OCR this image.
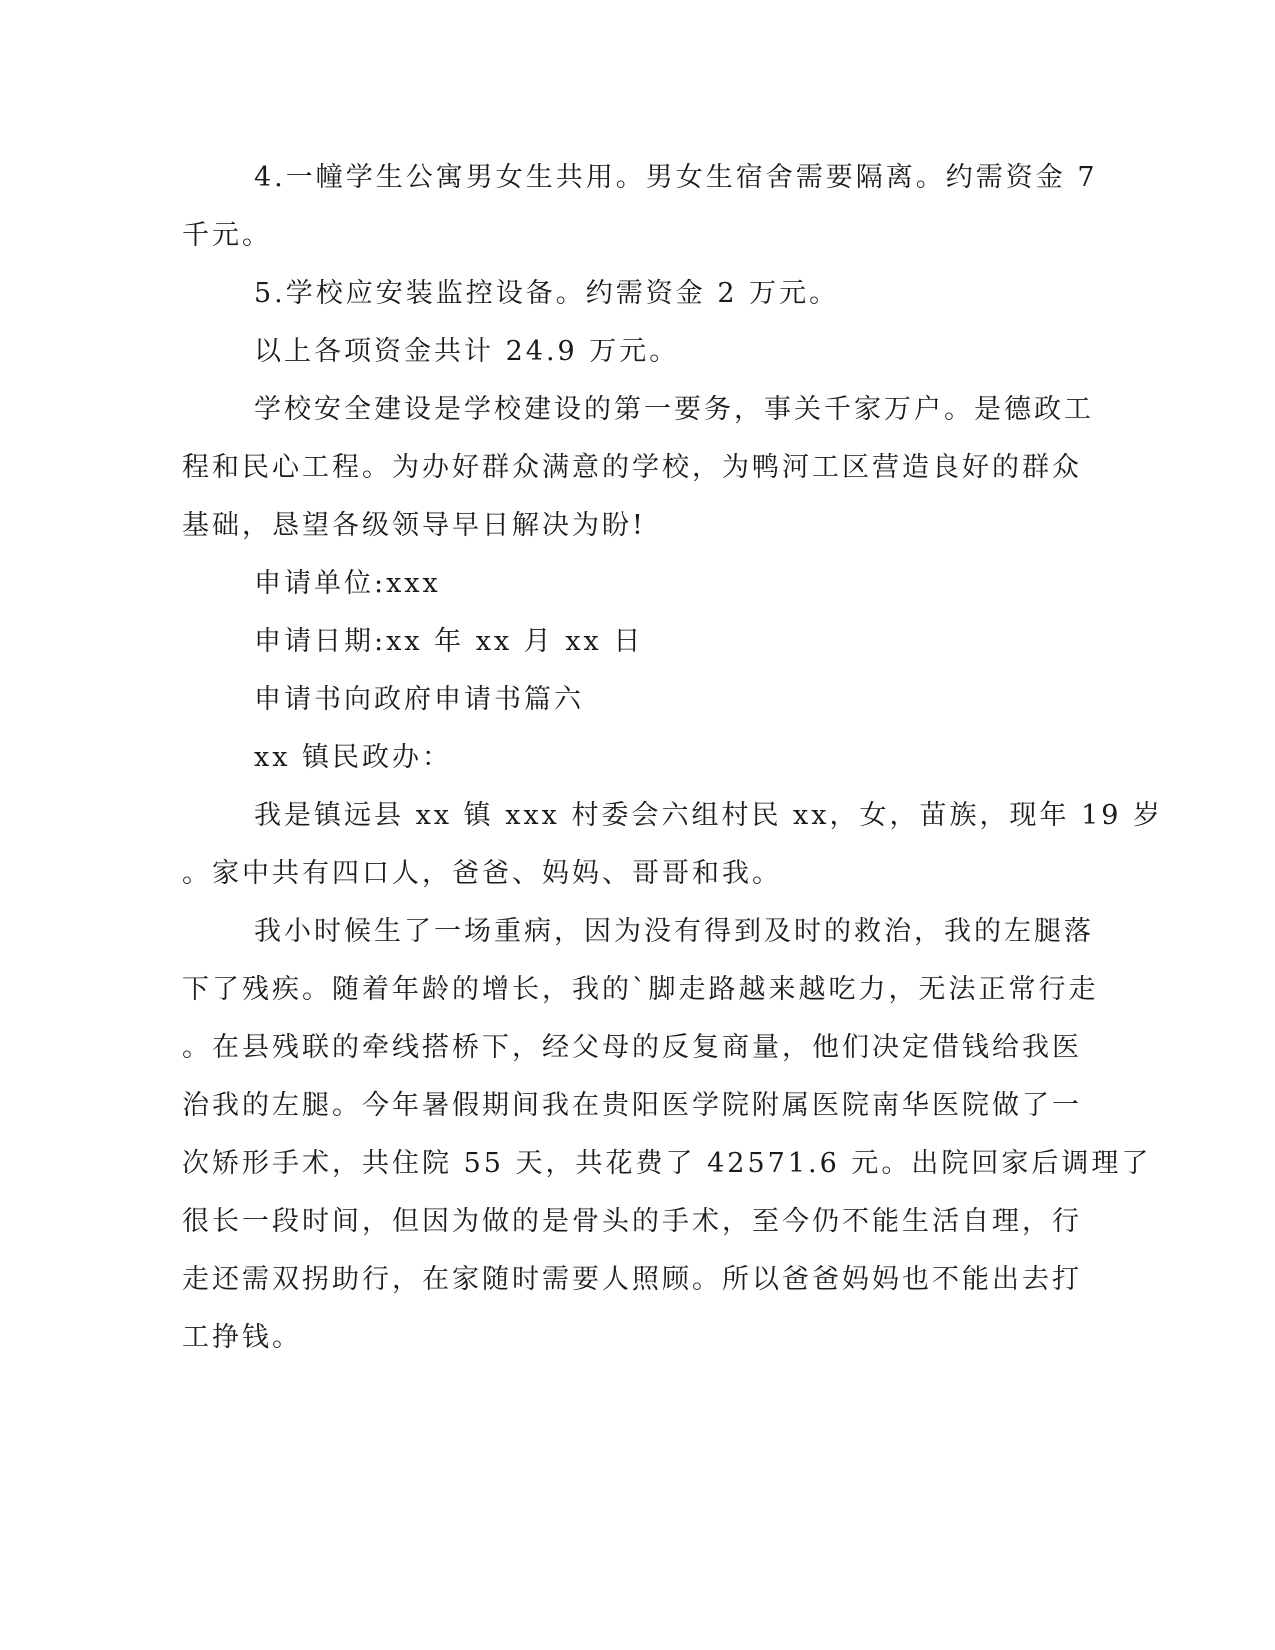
4.一幢学生公寓男女生共用。男女生宿舍需要隔离。约需资金 7
千元。
5.学校应安装监控设备。约需资金 2 万元。
以上各项资金共计 24.9 万元。
学校安全建设是学校建设的第一要务，事关千家万户。是德政工
程和民心工程。为办好群众满意的学校，为鸭河工区营造良好的群众
基础，恳望各级领导早日解决为盼!
申请单位:xxx
申请日期:xx 年 xx 月 xx 日
申请书向政府申请书篇六
xx 镇民政办：
我是镇远县 xx 镇 xxx 村委会六组村民 xx，女，苗族，现年 19 岁
。家中共有四口人，爸爸、妈妈、哥哥和我。
我小时候生了一场重病，因为没有得到及时的救治，我的左腿落
下了残疾。随着年龄的增长，我的`脚走路越来越吃力，无法正常行走
。在县残联的牵线搭桥下，经父母的反复商量，他们决定借钱给我医
治我的左腿。今年暑假期间我在贵阳医学院附属医院南华医院做了一
次矫形手术，共住院 55 天，共花费了 42571.6 元。出院回家后调理了
很长一段时间，但因为做的是骨头的手术，至今仍不能生活自理，行
走还需双拐助行，在家随时需要人照顾。所以爸爸妈妈也不能出去打
工挣钱。
